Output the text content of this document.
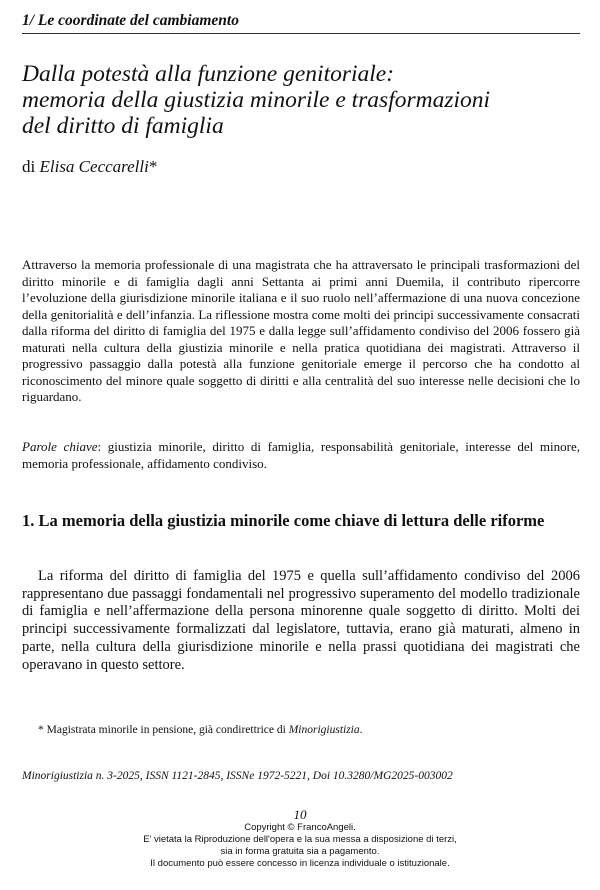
1/ Le coordinate del cambiamento
Dalla potestà alla funzione genitoriale:
memoria della giustizia minorile e trasformazioni
del diritto di famiglia
di Elisa Ceccarelli*
Attraverso la memoria professionale di una magistrata che ha attraversato le principali trasformazioni del diritto minorile e di famiglia dagli anni Settanta ai primi anni Duemila, il contributo ripercorre l’evoluzione della giurisdizione minorile italiana e il suo ruolo nell’affermazione di una nuova concezione della genitorialità e dell’infanzia. La riflessione mostra come molti dei principi successivamente consacrati dalla riforma del diritto di famiglia del 1975 e dalla legge sull’affidamento condiviso del 2006 fossero già maturati nella cultura della giustizia minorile e nella pratica quotidiana dei magistrati. Attraverso il progressivo passaggio dalla potestà alla funzione genitoriale emerge il percorso che ha condotto al riconoscimento del minore quale soggetto di diritti e alla centralità del suo interesse nelle decisioni che lo riguardano.
Parole chiave: giustizia minorile, diritto di famiglia, responsabilità genitoriale, interesse del minore, memoria professionale, affidamento condiviso.
1. La memoria della giustizia minorile come chiave di lettura delle riforme
La riforma del diritto di famiglia del 1975 e quella sull’affidamento condiviso del 2006 rappresentano due passaggi fondamentali nel progressivo superamento del modello tradizionale di famiglia e nell’affermazione della persona minorenne quale soggetto di diritto. Molti dei principi successivamente formalizzati dal legislatore, tuttavia, erano già maturati, almeno in parte, nella cultura della giurisdizione minorile e nella prassi quotidiana dei magistrati che operavano in questo settore.
* Magistrata minorile in pensione, già condirettrice di Minorigiustizia.
Minorigiustizia n. 3-2025, ISSN 1121-2845, ISSNe 1972-5221, Doi 10.3280/MG2025-003002
10
Copyright © FrancoAngeli.
E' vietata la Riproduzione dell'opera e la sua messa a disposizione di terzi,
sia in forma gratuita sia a pagamento.
Il documento può essere concesso in licenza individuale o istituzionale.
